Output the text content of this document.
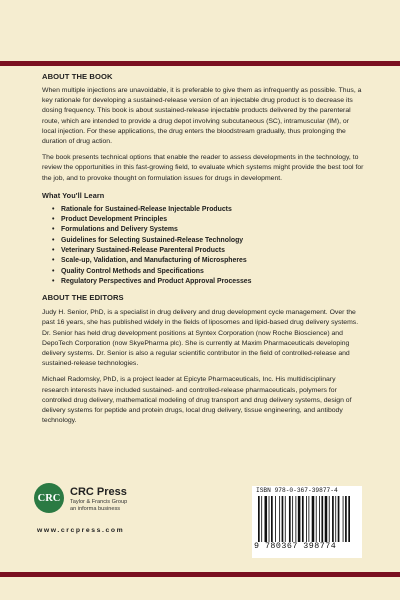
ABOUT THE BOOK

When multiple injections are unavoidable, it is preferable to give them as infrequently as possible. Thus, a key rationale for developing a sustained-release version of an injectable drug product is to decrease its dosing frequency. This book is about sustained-release injectable products delivered by the parenteral route, which are intended to provide a drug depot involving subcutaneous (SC), intramuscular (IM), or local injection. For these applications, the drug enters the bloodstream gradually, thus prolonging the duration of drug action.

The book presents technical options that enable the reader to assess developments in the technology, to review the opportunities in this fast-growing field, to evaluate which systems might provide the best tool for the job, and to provoke thought on formulation issues for drugs in development.

What You'll Learn
• Rationale for Sustained-Release Injectable Products
• Product Development Principles
• Formulations and Delivery Systems
• Guidelines for Selecting Sustained-Release Technology
• Veterinary Sustained-Release Parenteral Products
• Scale-up, Validation, and Manufacturing of Microspheres
• Quality Control Methods and Specifications
• Regulatory Perspectives and Product Approval Processes
ABOUT THE EDITORS

Judy H. Senior, PhD, is a specialist in drug delivery and drug development cycle management. Over the past 16 years, she has published widely in the fields of liposomes and lipid-based drug delivery systems. Dr. Senior has held drug development positions at Syntex Corporation (now Roche Bioscience) and DepoTech Corporation (now SkyePharma plc). She is currently at Maxim Pharmaceuticals developing delivery systems. Dr. Senior is also a regular scientific contributor in the field of controlled-release and sustained-release technologies.

Michael Radomsky, PhD, is a project leader at Epicyte Pharmaceuticals, Inc. His multidisciplinary research interests have included sustained- and controlled-release pharmaceuticals, polymers for controlled drug delivery, mathematical modeling of drug transport and drug delivery systems, design of delivery systems for peptide and protein drugs, local drug delivery, tissue engineering, and antibody technology.

CRC CRC Press
Taylor & Francis Group
an informa business
www.crcpress.com
ISBN 978-0-367-39877-4
9 780367 398774
